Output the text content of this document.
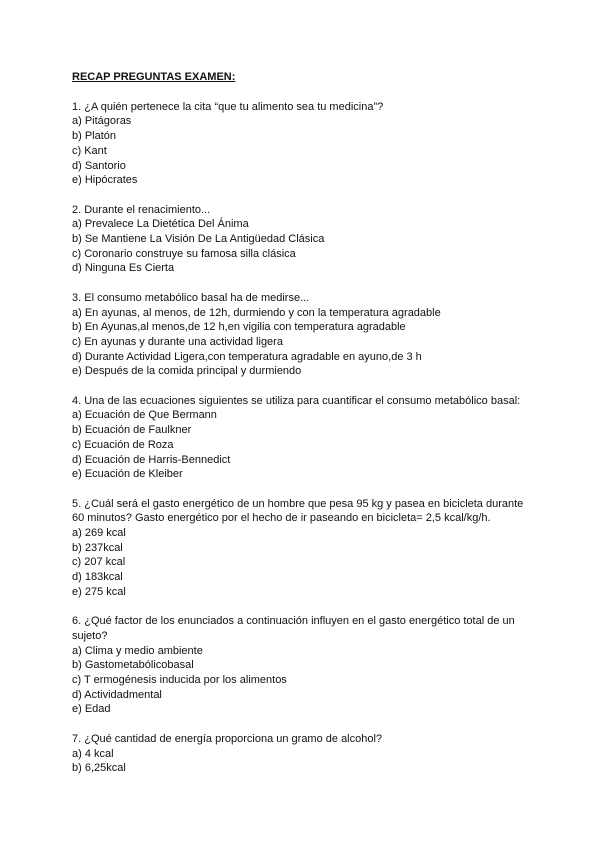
RECAP PREGUNTAS EXAMEN:
1. ¿A quién pertenece la cita “que tu alimento sea tu medicina”?
a) Pitágoras
b) Platón
c) Kant
d) Santorio
e) Hipócrates
2. Durante el renacimiento...
a) Prevalece La Dietética Del Ánima
b) Se Mantiene La Visión De La Antigüedad Clásica
c) Coronario construye su famosa silla clásica
d) Ninguna Es Cierta
3. El consumo metabólico basal ha de medirse...
a) En ayunas, al menos, de 12h, durmiendo y con la temperatura agradable
b) En Ayunas,al menos,de 12 h,en vigilia con temperatura agradable
c) En ayunas y durante una actividad ligera
d) Durante Actividad Ligera,con temperatura agradable en ayuno,de 3 h
e) Después de la comida principal y durmiendo
4. Una de las ecuaciones siguientes se utiliza para cuantificar el consumo metabólico basal:
a) Ecuación de Que Bermann
b) Ecuación de Faulkner
c) Ecuación de Roza
d) Ecuación de Harris-Bennedict
e) Ecuación de Kleiber
5. ¿Cuál será el gasto energético de un hombre que pesa 95 kg y pasea en bicicleta durante 60 minutos? Gasto energético por el hecho de ir paseando en bicicleta= 2,5 kcal/kg/h.
a) 269 kcal
b) 237kcal
c) 207 kcal
d) 183kcal
e) 275 kcal
6. ¿Qué factor de los enunciados a continuación influyen en el gasto energético total de un sujeto?
a) Clima y medio ambiente
b) Gastometabólicobasal
c) T ermogénesis inducida por los alimentos
d) Actividadmental
e) Edad
7. ¿Qué cantidad de energía proporciona un gramo de alcohol?
a) 4 kcal
b) 6,25kcal
